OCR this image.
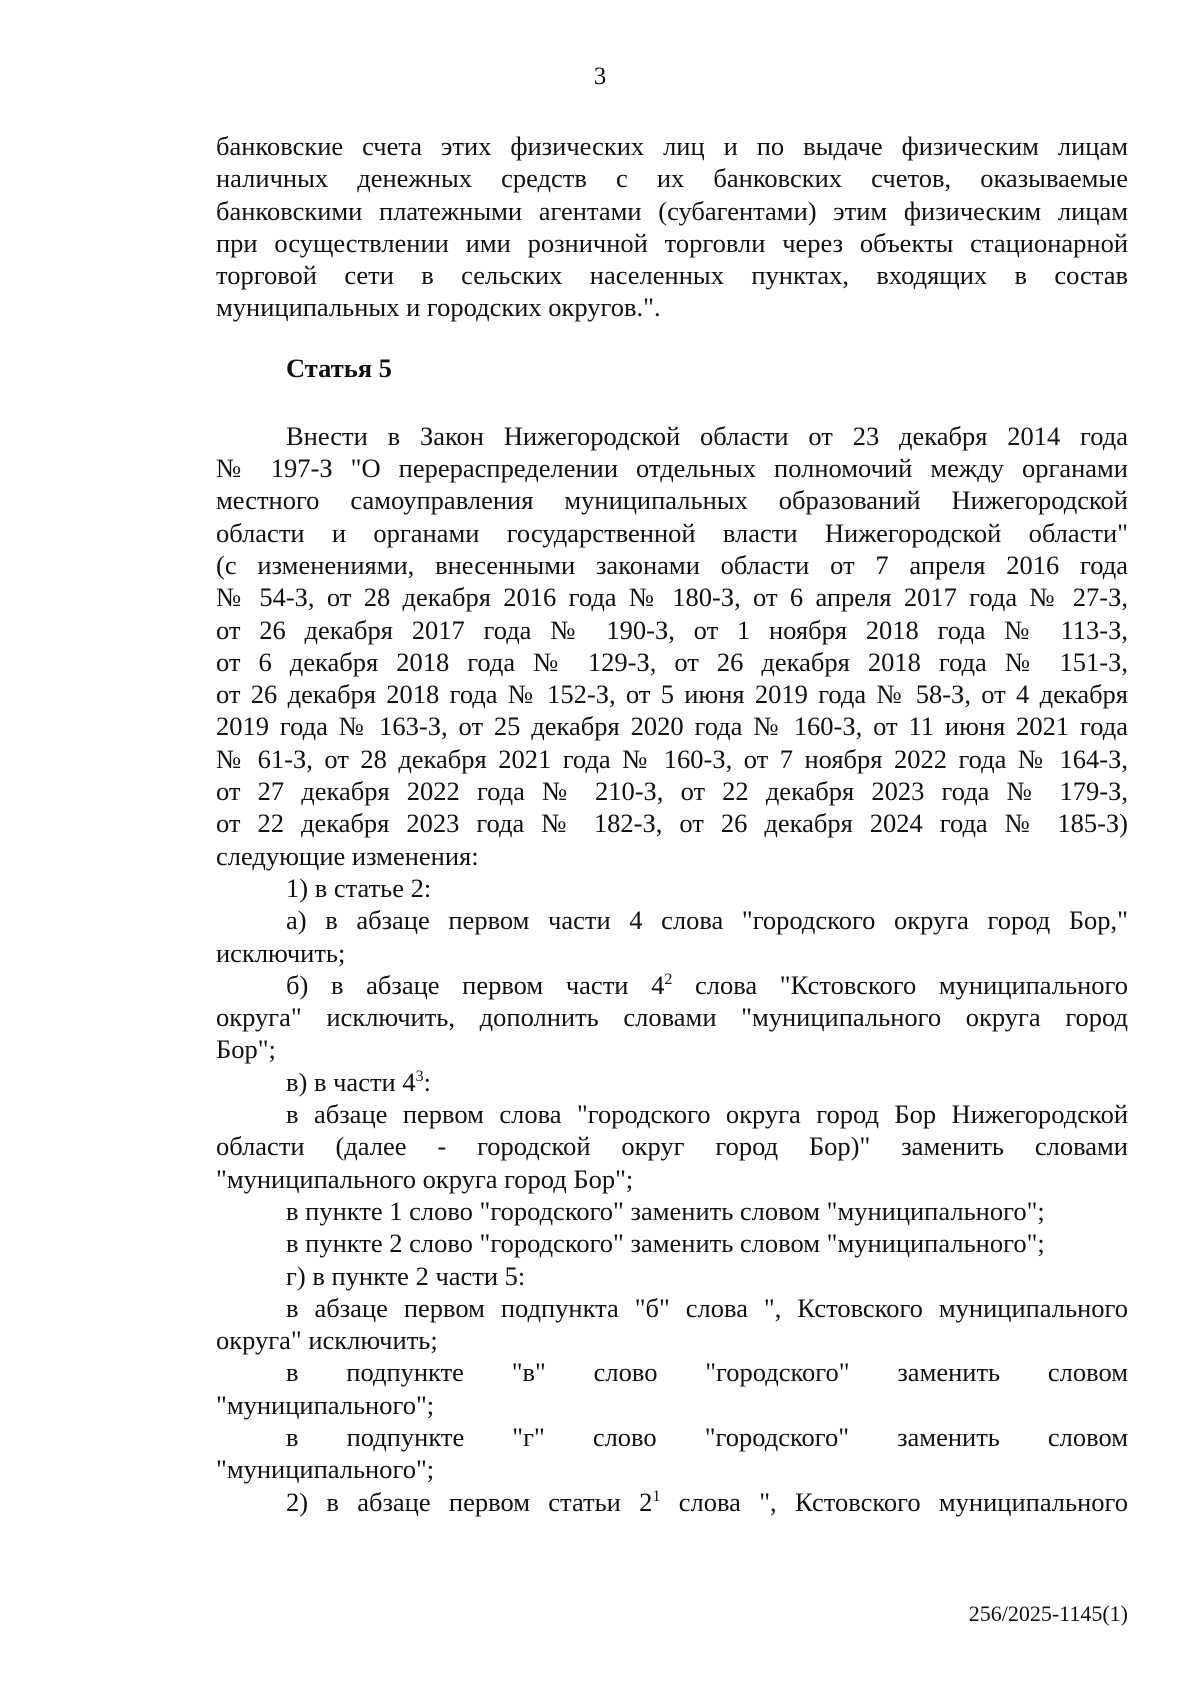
3
банковские счета этих физических лиц и по выдаче физическим лицам
наличных денежных средств с их банковских счетов, оказываемые
банковскими платежными агентами (субагентами) этим физическим лицам
при осуществлении ими розничной торговли через объекты стационарной
торговой сети в сельских населенных пунктах, входящих в состав
муниципальных и городских округов.".
Статья 5
Внести в Закон Нижегородской области от 23 декабря 2014 года
№ 197-З "О перераспределении отдельных полномочий между органами
местного самоуправления муниципальных образований Нижегородской
области и органами государственной власти Нижегородской области"
(с изменениями, внесенными законами области от 7 апреля 2016 года
№ 54-З, от 28 декабря 2016 года № 180-З, от 6 апреля 2017 года № 27-З,
от 26 декабря 2017 года № 190-З, от 1 ноября 2018 года № 113-З,
от 6 декабря 2018 года № 129-З, от 26 декабря 2018 года № 151-З,
от 26 декабря 2018 года № 152-З, от 5 июня 2019 года № 58-З, от 4 декабря
2019 года № 163-З, от 25 декабря 2020 года № 160-З, от 11 июня 2021 года
№ 61-З, от 28 декабря 2021 года № 160-З, от 7 ноября 2022 года № 164-З,
от 27 декабря 2022 года № 210-З, от 22 декабря 2023 года № 179-З,
от 22 декабря 2023 года № 182-З, от 26 декабря 2024 года № 185-З)
следующие изменения:
1) в статье 2:
а) в абзаце первом части 4 слова "городского округа город Бор,"
исключить;
б) в абзаце первом части $4^2$ слова "Кстовского муниципального
округа" исключить, дополнить словами "муниципального округа город
Бор";
в) в части $4^3$:
в абзаце первом слова "городского округа город Бор Нижегородской
области (далее - городской округ город Бор)" заменить словами
"муниципального округа город Бор";
в пункте 1 слово "городского" заменить словом "муниципального";
в пункте 2 слово "городского" заменить словом "муниципального";
г) в пункте 2 части 5:
в абзаце первом подпункта "б" слова ", Кстовского муниципального
округа" исключить;
в подпункте "в" слово "городского" заменить словом
"муниципального";
в подпункте "г" слово "городского" заменить словом
"муниципального";
2) в абзаце первом статьи $2^1$ слова ", Кстовского муниципального
256/2025-1145(1)
